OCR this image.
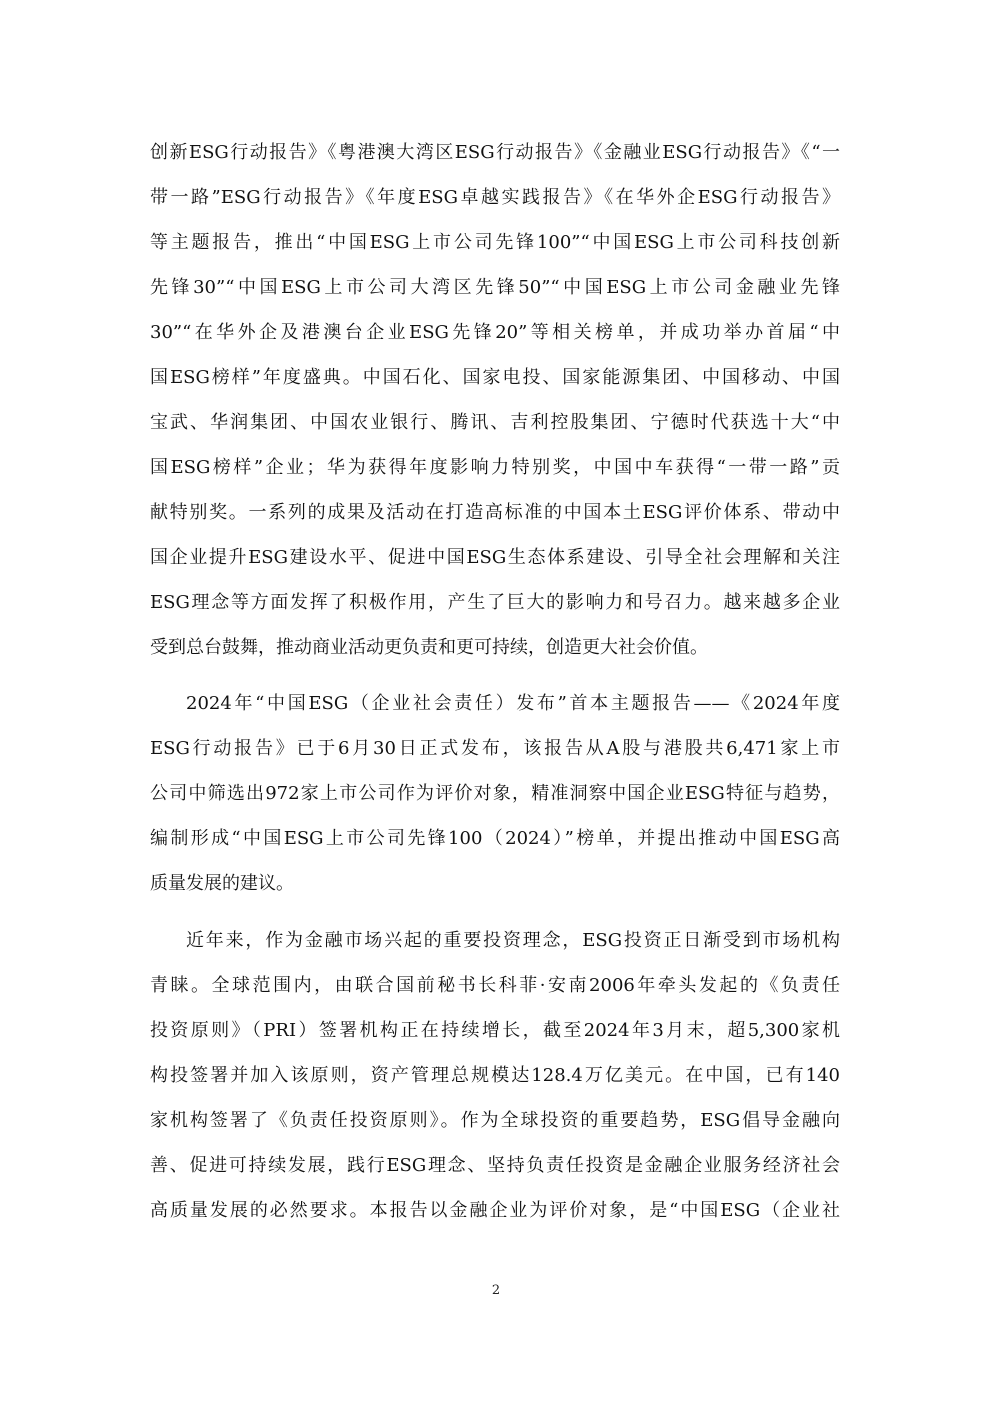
创新ESG行动报告》《粤港澳大湾区ESG行动报告》《金融业ESG行动报告》《“一
带一路”ESG行动报告》《年度ESG卓越实践报告》《在华外企ESG行动报告》
等主题报告，推出“中国ESG上市公司先锋100”“中国ESG上市公司科技创新
先锋30”“中国ESG上市公司大湾区先锋50”“中国ESG上市公司金融业先锋
30”“在华外企及港澳台企业ESG先锋20”等相关榜单，并成功举办首届“中
国ESG榜样”年度盛典。中国石化、国家电投、国家能源集团、中国移动、中国
宝武、华润集团、中国农业银行、腾讯、吉利控股集团、宁德时代获选十大“中
国ESG榜样”企业；华为获得年度影响力特别奖，中国中车获得“一带一路”贡
献特别奖。一系列的成果及活动在打造高标准的中国本土ESG评价体系、带动中
国企业提升ESG建设水平、促进中国ESG生态体系建设、引导全社会理解和关注
ESG理念等方面发挥了积极作用，产生了巨大的影响力和号召力。越来越多企业
受到总台鼓舞，推动商业活动更负责和更可持续，创造更大社会价值。
2024年“中国ESG（企业社会责任）发布”首本主题报告——《2024年度
ESG行动报告》已于6月30日正式发布，该报告从A股与港股共6,471家上市
公司中筛选出972家上市公司作为评价对象，精准洞察中国企业ESG特征与趋势，
编制形成“中国ESG上市公司先锋100（2024）”榜单，并提出推动中国ESG高
质量发展的建议。
近年来，作为金融市场兴起的重要投资理念，ESG投资正日渐受到市场机构
青睐。全球范围内，由联合国前秘书长科菲·安南2006年牵头发起的《负责任
投资原则》（PRI）签署机构正在持续增长，截至2024年3月末，超5,300家机
构投签署并加入该原则，资产管理总规模达128.4万亿美元。在中国，已有140
家机构签署了《负责任投资原则》。作为全球投资的重要趋势，ESG倡导金融向
善、促进可持续发展，践行ESG理念、坚持负责任投资是金融企业服务经济社会
高质量发展的必然要求。本报告以金融企业为评价对象，是“中国ESG（企业社
2
